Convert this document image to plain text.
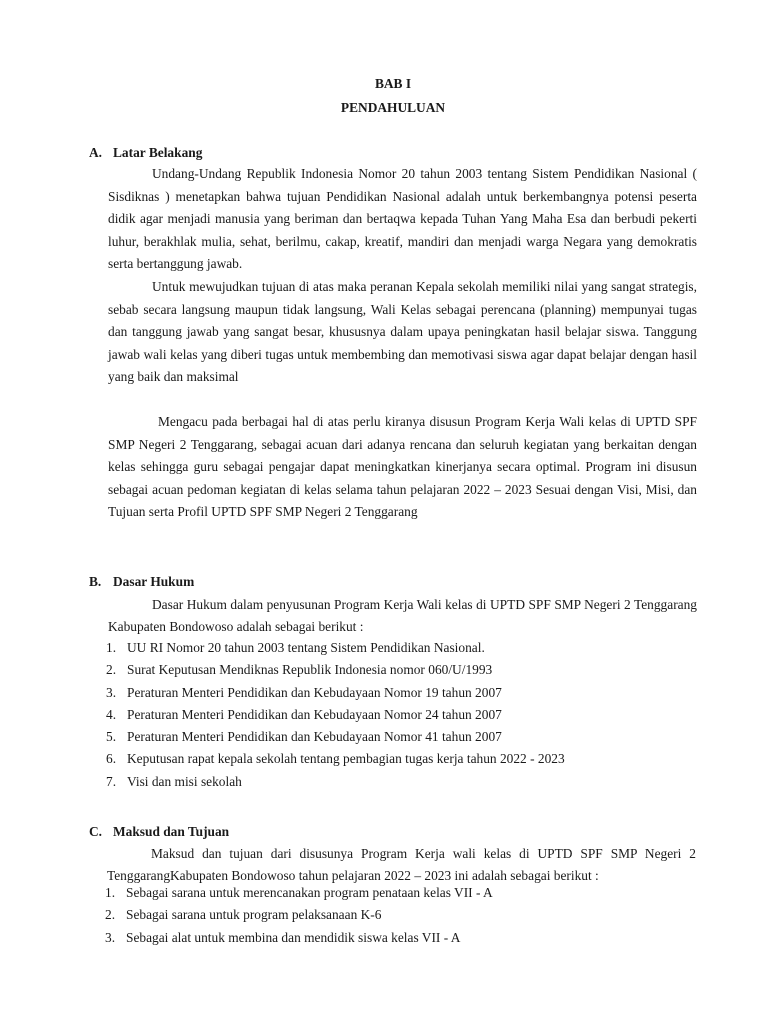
BAB I
PENDAHULUAN
A. Latar Belakang

Undang-Undang Republik Indonesia Nomor 20 tahun 2003 tentang Sistem Pendidikan Nasional ( Sisdiknas ) menetapkan bahwa tujuan Pendidikan Nasional adalah untuk berkembangnya potensi peserta didik agar menjadi manusia yang beriman dan bertaqwa kepada Tuhan Yang Maha Esa dan berbudi pekerti luhur, berakhlak mulia, sehat, berilmu, cakap, kreatif, mandiri dan menjadi warga Negara yang demokratis serta bertanggung jawab.

Untuk mewujudkan tujuan di atas maka peranan Kepala sekolah memiliki nilai yang sangat strategis, sebab secara langsung maupun tidak langsung, Wali Kelas sebagai perencana (planning) mempunyai tugas dan tanggung jawab yang sangat besar, khususnya dalam upaya peningkatan hasil belajar siswa. Tanggung jawab wali kelas yang diberi tugas untuk membembing dan memotivasi siswa agar dapat belajar dengan hasil yang baik dan maksimal

Mengacu pada berbagai hal di atas perlu kiranya disusun Program Kerja Wali kelas di UPTD SPF SMP Negeri 2 Tenggarang, sebagai acuan dari adanya rencana dan seluruh kegiatan yang berkaitan dengan kelas sehingga guru sebagai pengajar dapat meningkatkan kinerjanya secara optimal. Program ini disusun sebagai acuan pedoman kegiatan di kelas selama tahun pelajaran 2022 – 2023 Sesuai dengan Visi, Misi, dan Tujuan serta Profil UPTD SPF SMP Negeri 2 Tenggarang

B. Dasar Hukum

Dasar Hukum dalam penyusunan Program Kerja Wali kelas di UPTD SPF SMP Negeri 2 Tenggarang Kabupaten Bondowoso adalah sebagai berikut :

1. UU RI Nomor 20 tahun 2003 tentang Sistem Pendidikan Nasional.
2. Surat Keputusan Mendiknas Republik Indonesia nomor 060/U/1993
3. Peraturan Menteri Pendidikan dan Kebudayaan Nomor 19 tahun 2007
4. Peraturan Menteri Pendidikan dan Kebudayaan Nomor 24 tahun 2007
5. Peraturan Menteri Pendidikan dan Kebudayaan Nomor 41 tahun 2007
6. Keputusan rapat kepala sekolah tentang pembagian tugas kerja tahun 2022 - 2023
7. Visi dan misi sekolah
C. Maksud dan Tujuan

Maksud dan tujuan dari disusunya Program Kerja wali kelas di UPTD SPF SMP Negeri 2 TenggarangKabupaten Bondowoso tahun pelajaran 2022 – 2023 ini adalah sebagai berikut :

1. Sebagai sarana untuk merencanakan program penataan kelas VII - A
2. Sebagai sarana untuk program pelaksanaan K-6
3. Sebagai alat untuk membina dan mendidik siswa kelas VII - A
